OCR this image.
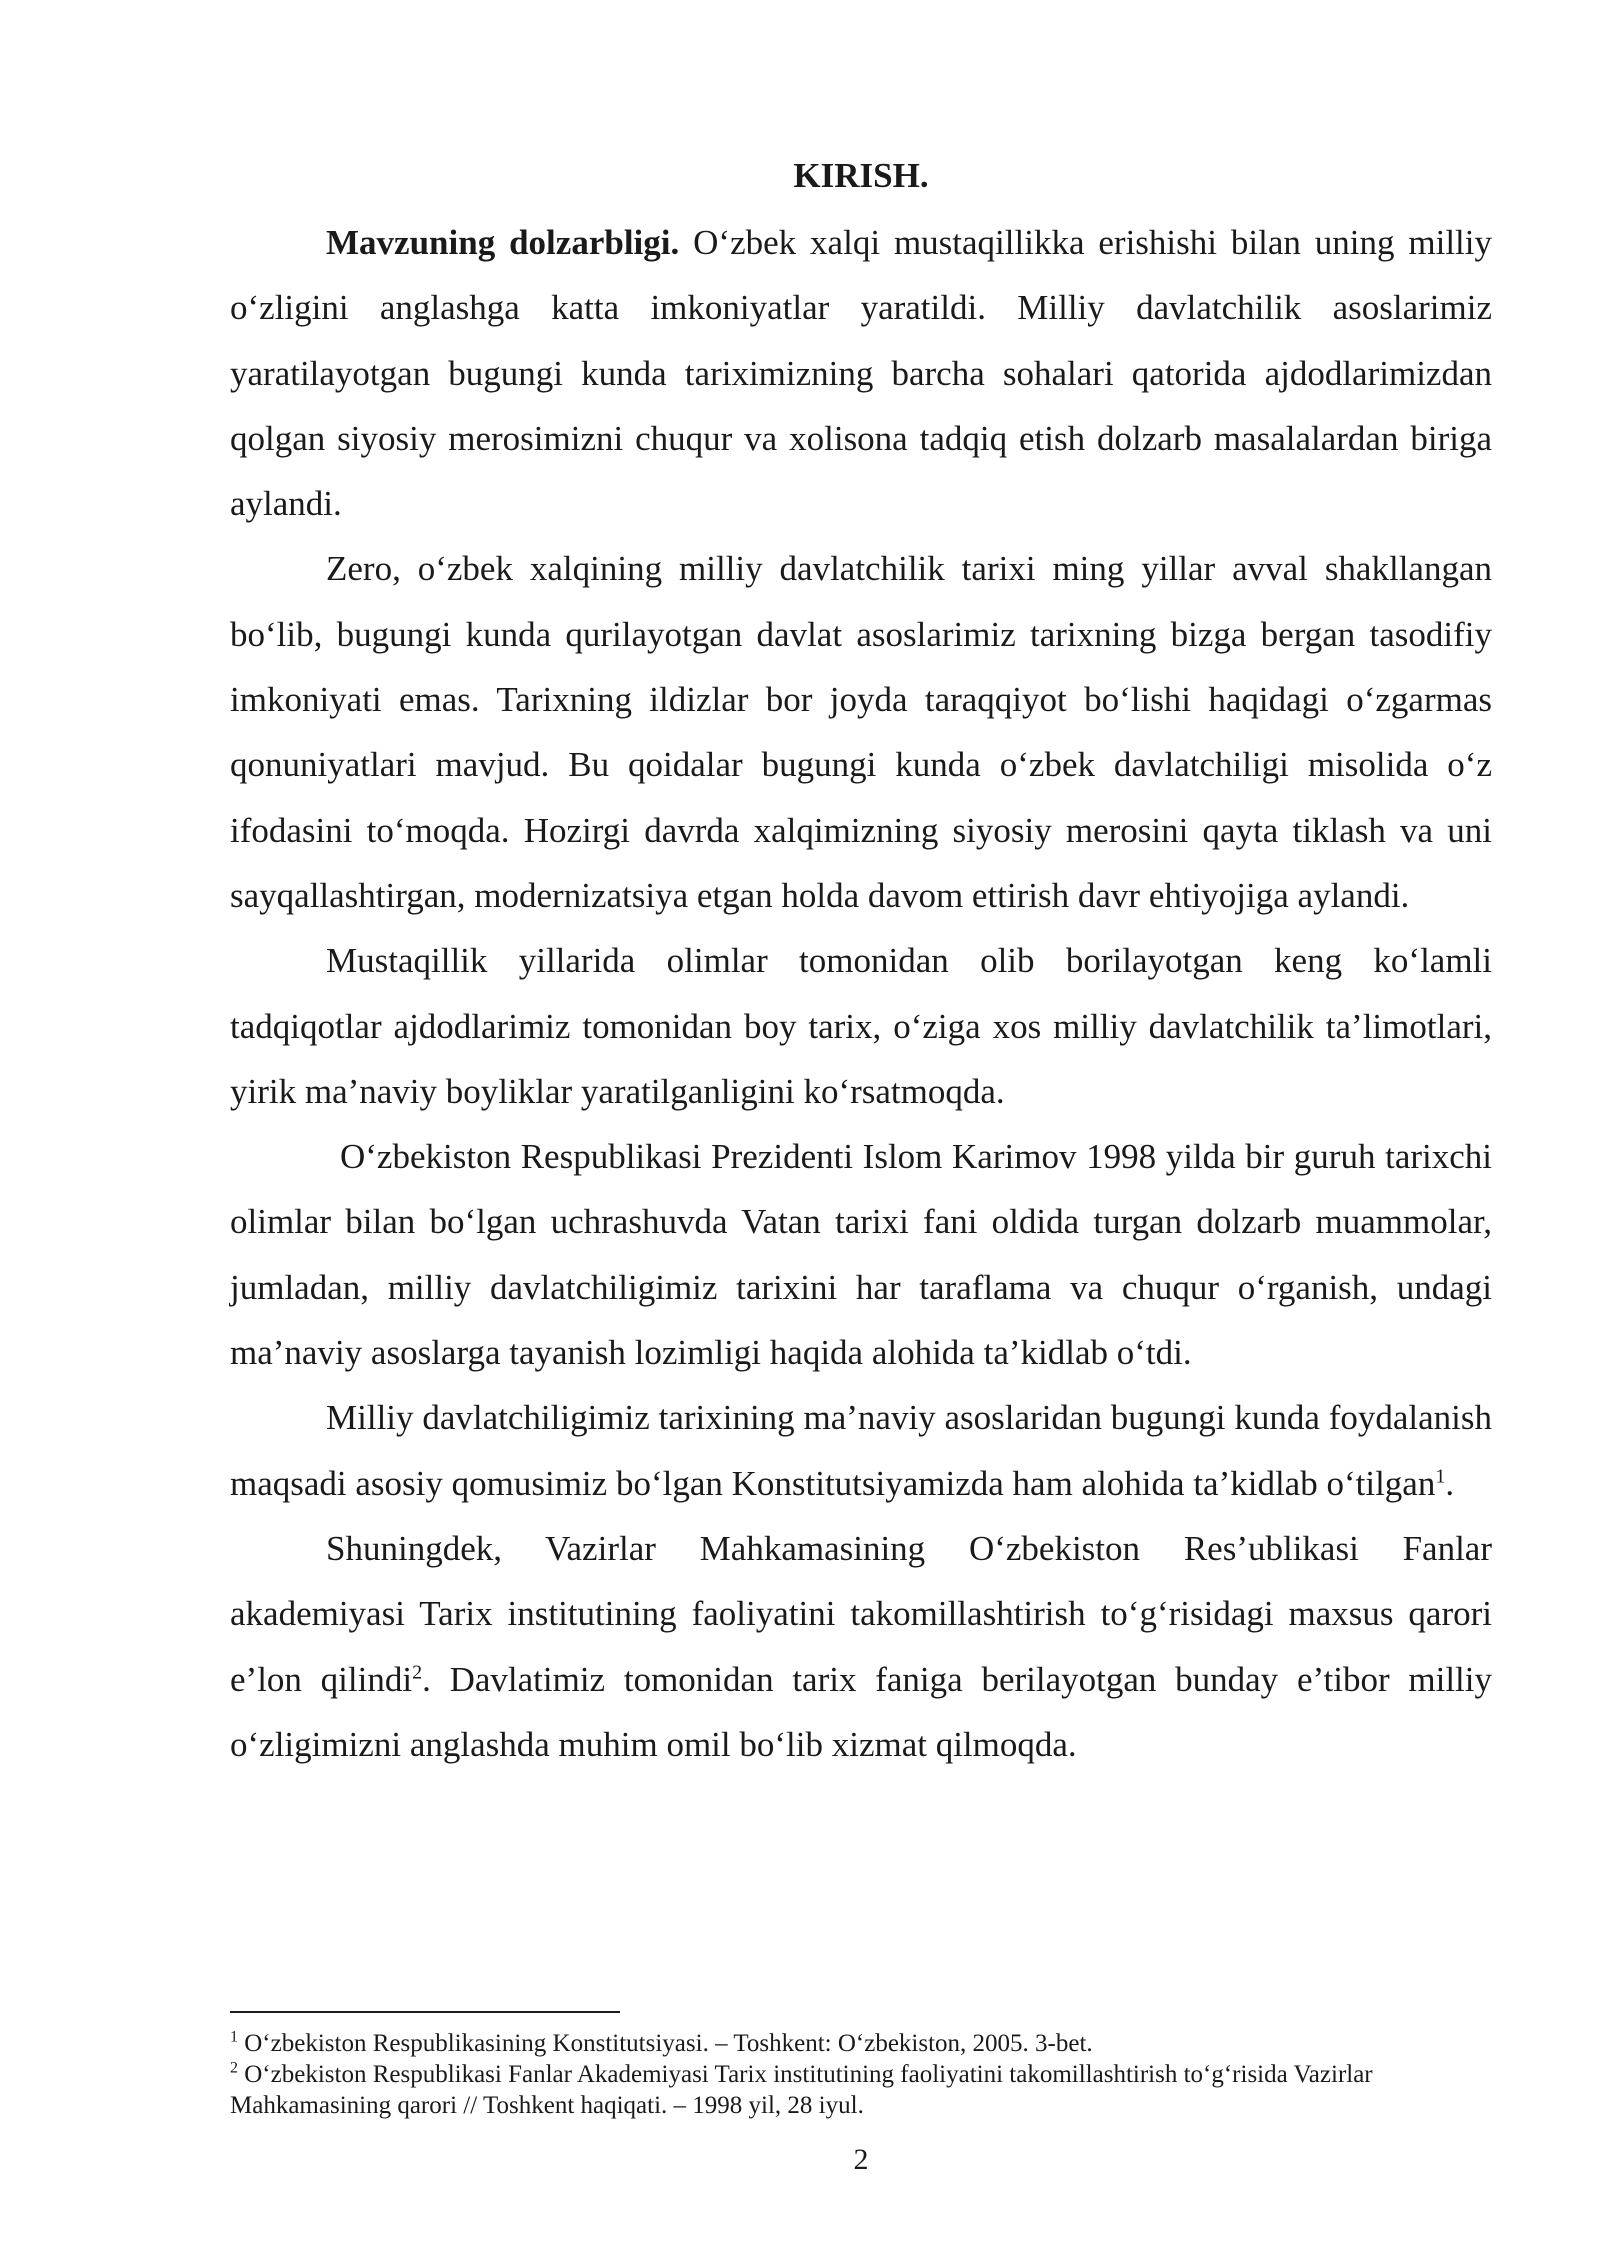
KIRISH.

Mavzuning dolzarbligi. O‘zbek xalqi mustaqillikka erishishi bilan uning milliy o‘zligini anglashga katta imkoniyatlar yaratildi. Milliy davlatchilik asoslarimiz yaratilayotgan bugungi kunda tariximizning barcha sohalari qatorida ajdodlarimizdan qolgan siyosiy merosimizni chuqur va xolisona tadqiq etish dolzarb masalalardan biriga aylandi.

Zero, o‘zbek xalqining milliy davlatchilik tarixi ming yillar avval shakllangan bo‘lib, bugungi kunda qurilayotgan davlat asoslarimiz tarixning bizga bergan tasodifiy imkoniyati emas. Tarixning ildizlar bor joyda taraqqiyot bo‘lishi haqidagi o‘zgarmas qonuniyatlari mavjud. Bu qoidalar bugungi kunda o‘zbek davlatchiligi misolida o‘z ifodasini to‘moqda. Hozirgi davrda xalqimizning siyosiy merosini qayta tiklash va uni sayqallashtirgan, modernizatsiya etgan holda davom ettirish davr ehtiyojiga aylandi.

Mustaqillik yillarida olimlar tomonidan olib borilayotgan keng ko‘lamli tadqiqotlar ajdodlarimiz tomonidan boy tarix, o‘ziga xos milliy davlatchilik ta’limotlari, yirik ma’naviy boyliklar yaratilganligini ko‘rsatmoqda.

O‘zbekiston Respublikasi Prezidenti Islom Karimov 1998 yilda bir guruh tarixchi olimlar bilan bo‘lgan uchrashuvda Vatan tarixi fani oldida turgan dolzarb muammolar, jumladan, milliy davlatchiligimiz tarixini har taraflama va chuqur o‘rganish, undagi ma’naviy asoslarga tayanish lozimligi haqida alohida ta’kidlab o‘tdi.

Milliy davlatchiligimiz tarixining ma’naviy asoslaridan bugungi kunda foydalanish maqsadi asosiy qomusimiz bo‘lgan Konstitutsiyamizda ham alohida ta’kidlab o‘tilgan$^1$.

Shuningdek, Vazirlar Mahkamasining O‘zbekiston Res’ublikasi Fanlar akademiyasi Tarix institutining faoliyatini takomillashtirish to‘g‘risidagi maxsus qarori e’lon qilindi$^2$. Davlatimiz tomonidan tarix faniga berilayotgan bunday e’tibor milliy o‘zligimizni anglashda muhim omil bo‘lib xizmat qilmoqda.

$^1$ O‘zbekiston Respublikasining Konstitutsiyasi. – Toshkent: O‘zbekiston, 2005. 3-bet.

$^2$ O‘zbekiston Respublikasi Fanlar Akademiyasi Tarix institutining faoliyatini takomillashtirish to‘g‘risida Vazirlar Mahkamasining qarori // Toshkent haqiqati. – 1998 yil, 28 iyul.

2
